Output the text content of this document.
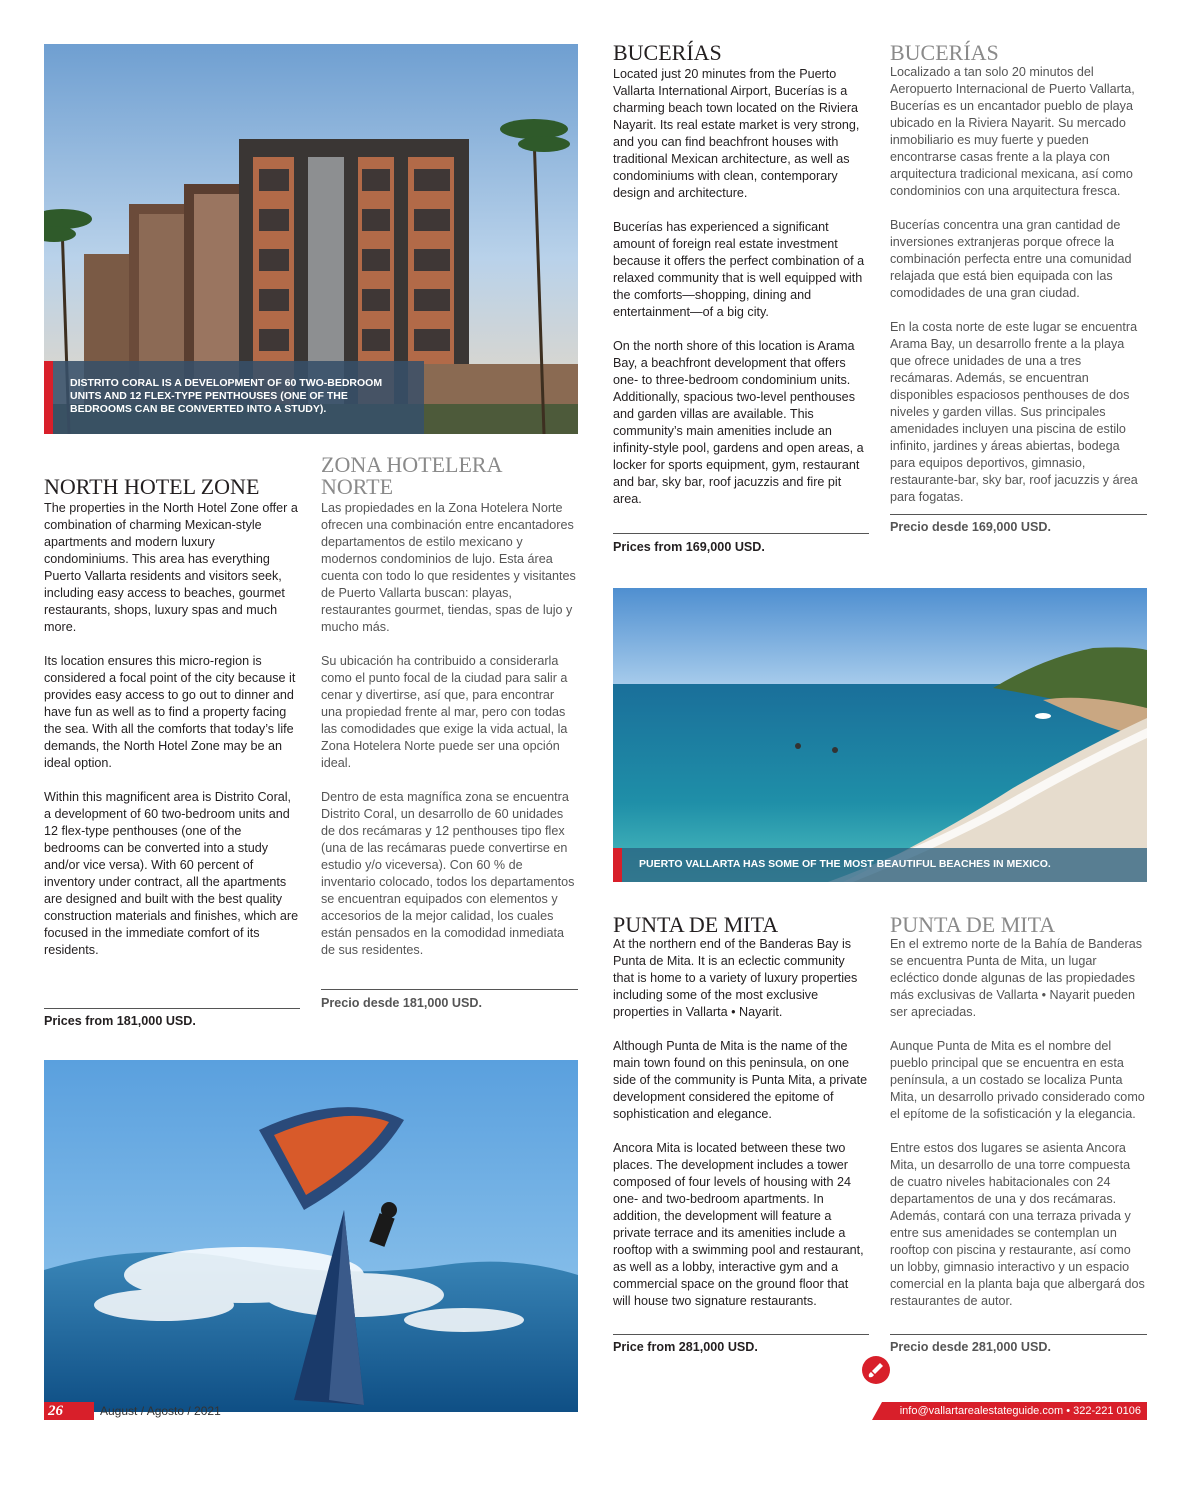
DISTRITO CORAL IS A DEVELOPMENT OF 60 TWO-BEDROOM UNITS AND 12 FLEX-TYPE PENTHOUSES (ONE OF THE BEDROOMS CAN BE CONVERTED INTO A STUDY).
NORTH HOTEL ZONE

The properties in the North Hotel Zone offer a combination of charming Mexican-style apartments and modern luxury condominiums. This area has everything Puerto Vallarta residents and visitors seek, including easy access to beaches, gourmet restaurants, shops, luxury spas and much more.

Its location ensures this micro-region is considered a focal point of the city because it provides easy access to go out to dinner and have fun as well as to find a property facing the sea. With all the comforts that today’s life demands, the North Hotel Zone may be an ideal option.

Within this magnificent area is Distrito Coral, a development of 60 two-bedroom units and 12 flex-type penthouses (one of the bedrooms can be converted into a study and/or vice versa). With 60 percent of inventory under contract, all the apartments are designed and built with the best quality construction materials and finishes, which are focused in the immediate comfort of its residents.

Prices from 181,000 USD.
ZONA HOTELERA NORTE

Las propiedades en la Zona Hotelera Norte ofrecen una combinación entre encantadores departamentos de estilo mexicano y modernos condominios de lujo. Esta área cuenta con todo lo que residentes y visitantes de Puerto Vallarta buscan: playas, restaurantes gourmet, tiendas, spas de lujo y mucho más.

Su ubicación ha contribuido a considerarla como el punto focal de la ciudad para salir a cenar y divertirse, así que, para encontrar una propiedad frente al mar, pero con todas las comodidades que exige la vida actual, la Zona Hotelera Norte puede ser una opción ideal.

Dentro de esta magnífica zona se encuentra Distrito Coral, un desarrollo de 60 unidades de dos recámaras y 12 penthouses tipo flex (una de las recámaras puede convertirse en estudio y/o viceversa). Con 60 % de inventario colocado, todos los departamentos se encuentran equipados con elementos y accesorios de la mejor calidad, los cuales están pensados en la comodidad inmediata de sus residentes.

Precio desde 181,000 USD.
BUCERÍAS

Located just 20 minutes from the Puerto Vallarta International Airport, Bucerías is a charming beach town located on the Riviera Nayarit. Its real estate market is very strong, and you can find beachfront houses with traditional Mexican architecture, as well as condominiums with clean, contemporary design and architecture.

Bucerías has experienced a significant amount of foreign real estate investment because it offers the perfect combination of a relaxed community that is well equipped with the comforts—shopping, dining and entertainment—of a big city.

On the north shore of this location is Arama Bay, a beachfront development that offers one- to three-bedroom condominium units. Additionally, spacious two-level penthouses and garden villas are available. This community’s main amenities include an infinity-style pool, gardens and open areas, a locker for sports equipment, gym, restaurant and bar, sky bar, roof jacuzzis and fire pit area.

Prices from 169,000 USD.
BUCERÍAS

Localizado a tan solo 20 minutos del Aeropuerto Internacional de Puerto Vallarta, Bucerías es un encantador pueblo de playa ubicado en la Riviera Nayarit. Su mercado inmobiliario es muy fuerte y pueden encontrarse casas frente a la playa con arquitectura tradicional mexicana, así como condominios con una arquitectura fresca.

Bucerías concentra una gran cantidad de inversiones extranjeras porque ofrece la combinación perfecta entre una comunidad relajada que está bien equipada con las comodidades de una gran ciudad.

En la costa norte de este lugar se encuentra Arama Bay, un desarrollo frente a la playa que ofrece unidades de una a tres recámaras. Además, se encuentran disponibles espaciosos penthouses de dos niveles y garden villas. Sus principales amenidades incluyen una piscina de estilo infinito, jardines y áreas abiertas, bodega para equipos deportivos, gimnasio, restaurante-bar, sky bar, roof jacuzzis y área para fogatas.

Precio desde 169,000 USD.
PUERTO VALLARTA HAS SOME OF THE MOST BEAUTIFUL BEACHES IN MEXICO.
PUNTA DE MITA

At the northern end of the Banderas Bay is Punta de Mita. It is an eclectic community that is home to a variety of luxury properties including some of the most exclusive properties in Vallarta • Nayarit.

Although Punta de Mita is the name of the main town found on this peninsula, on one side of the community is Punta Mita, a private development considered the epitome of sophistication and elegance.

Ancora Mita is located between these two places. The development includes a tower composed of four levels of housing with 24 one- and two-bedroom apartments. In addition, the development will feature a private terrace and its amenities include a rooftop with a swimming pool and restaurant, as well as a lobby, interactive gym and a commercial space on the ground floor that will house two signature restaurants.

Price from 281,000 USD.
PUNTA DE MITA

En el extremo norte de la Bahía de Banderas se encuentra Punta de Mita, un lugar ecléctico donde algunas de las propiedades más exclusivas de Vallarta • Nayarit pueden ser apreciadas.

Aunque Punta de Mita es el nombre del pueblo principal que se encuentra en esta península, a un costado se localiza Punta Mita, un desarrollo privado considerado como el epítome de la sofisticación y la elegancia.

Entre estos dos lugares se asienta Ancora Mita, un desarrollo de una torre compuesta de cuatro niveles habitacionales con 24 departamentos de una y dos recámaras. Además, contará con una terraza privada y entre sus amenidades se contemplan un rooftop con piscina y restaurante, así como un lobby, gimnasio interactivo y un espacio comercial en la planta baja que albergará dos restaurantes de autor.

Precio desde 281,000 USD.
26	August / Agosto / 2021	info@vallartarealestateguide.com • 322-221 0106
